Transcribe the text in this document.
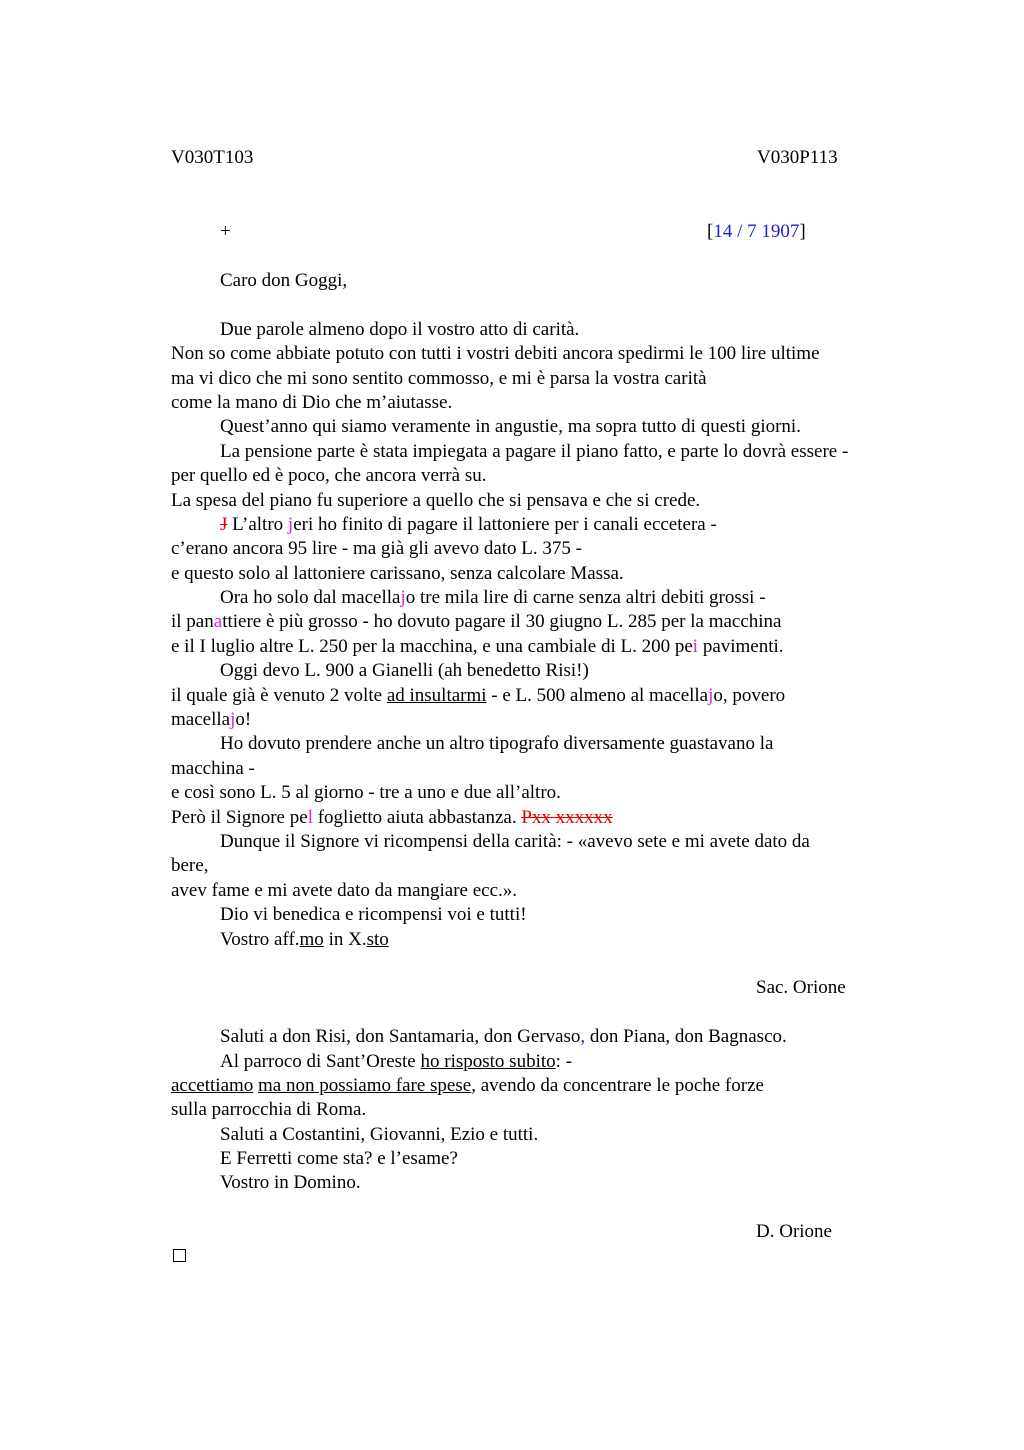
V030T103	V030P113
+	[14 / 7 1907]
Caro don Goggi,
Due parole almeno dopo il vostro atto di carità.
Non so come abbiate potuto con tutti i vostri debiti ancora spedirmi le 100 lire ultime
ma vi dico che mi sono sentito commosso, e mi è parsa la vostra carità
come la mano di Dio che m’aiutasse.
Quest’anno qui siamo veramente in angustie, ma sopra tutto di questi giorni.
La pensione parte è stata impiegata a pagare il piano fatto, e parte lo dovrà essere -
per quello ed è poco, che ancora verrà su.
La spesa del piano fu superiore a quello che si pensava e che si crede.
J L’altro jeri ho finito di pagare il lattoniere per i canali eccetera -
c’erano ancora 95 lire - ma già gli avevo dato L. 375 -
e questo solo al lattoniere carissano, senza calcolare Massa.
Ora ho solo dal macellajo tre mila lire di carne senza altri debiti grossi -
il panattiere è più grosso - ho dovuto pagare il 30 giugno L. 285 per la macchina
e il I luglio altre L. 250 per la macchina, e una cambiale di L. 200 pei pavimenti.
Oggi devo L. 900 a Gianelli (ah benedetto Risi!)
il quale già è venuto 2 volte ad insultarmi - e L. 500 almeno al macellajo, povero
macellajo!
Ho dovuto prendere anche un altro tipografo diversamente guastavano la
macchina -
e così sono L. 5 al giorno - tre a uno e due all’altro.
Però il Signore pel foglietto aiuta abbastanza. Pxx xxxxxx
Dunque il Signore vi ricompensi della carità: - «avevo sete e mi avete dato da
bere,
avev fame e mi avete dato da mangiare ecc.».
Dio vi benedica e ricompensi voi e tutti!
Vostro aff.mo in X.sto
Sac. Orione
Saluti a don Risi, don Santamaria, don Gervaso, don Piana, don Bagnasco.
Al parroco di Sant’Oreste ho risposto subito: -
accettiamo ma non possiamo fare spese, avendo da concentrare le poche forze
sulla parrocchia di Roma.
Saluti a Costantini, Giovanni, Ezio e tutti.
E Ferretti come sta? e l’esame?
Vostro in Domino.
D. Orione
